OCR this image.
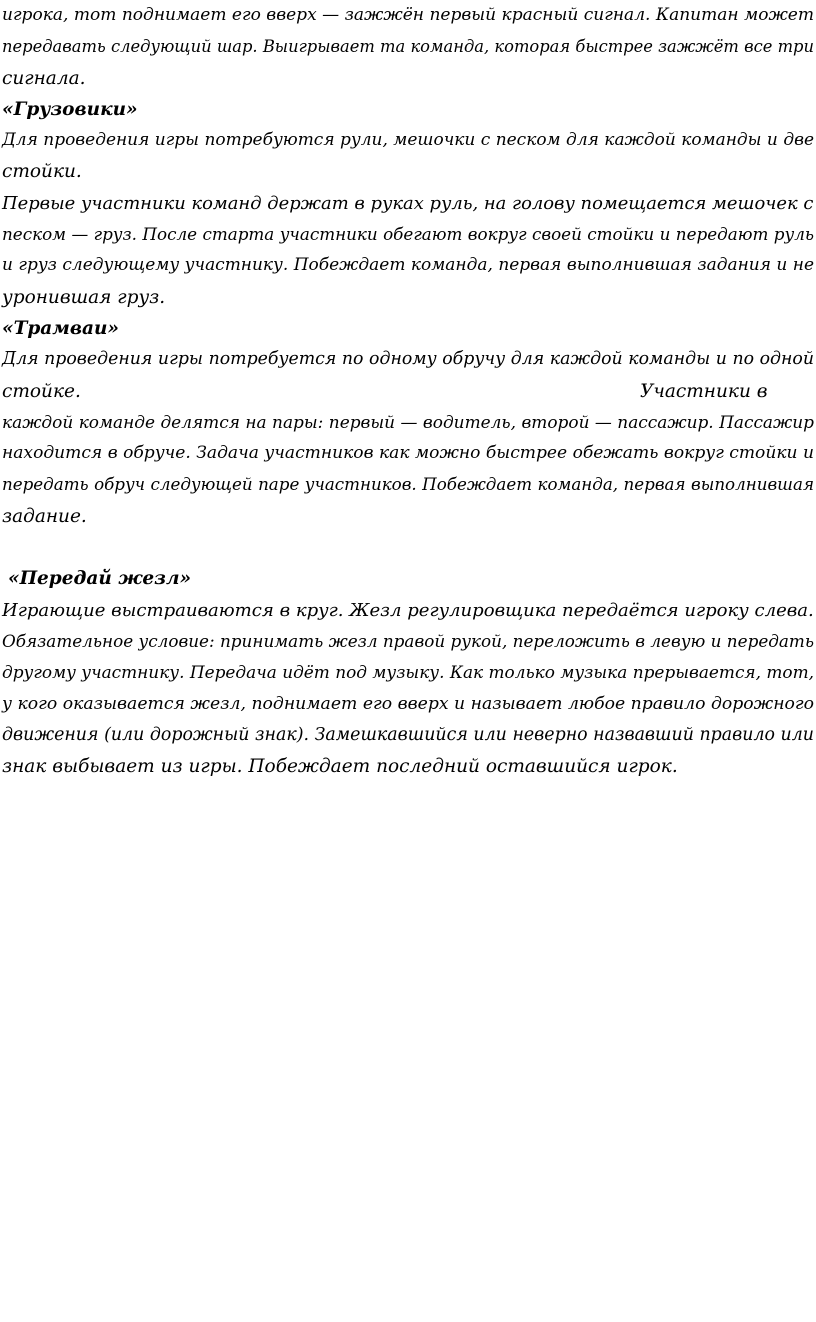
игрока, тот поднимает его вверх — зажжён первый красный сигнал. Капитан может
передавать следующий шар. Выигрывает та команда, которая быстрее зажжёт все три
сигнала.
«Грузовики»
Для проведения игры потребуются рули, мешочки с песком для каждой команды и две
стойки.
Первые участники команд держат в руках руль, на голову помещается мешочек с
песком — груз. После старта участники обегают вокруг своей стойки и передают руль
и груз следующему участнику. Побеждает команда, первая выполнившая задания и не
уронившая груз.
«Трамваи»
Для проведения игры потребуется по одному обручу для каждой команды и по одной
стойке.	Участники в
каждой команде делятся на пары: первый — водитель, второй — пассажир. Пассажир
находится в обруче. Задача участников как можно быстрее обежать вокруг стойки и
передать обруч следующей паре участников. Побеждает команда, первая выполнившая
задание.
«Передай жезл»
Играющие выстраиваются в круг. Жезл регулировщика передаётся игроку слева.
Обязательное условие: принимать жезл правой рукой, переложить в левую и передать
другому участнику. Передача идёт под музыку. Как только музыка прерывается, тот,
у кого оказывается жезл, поднимает его вверх и называет любое правило дорожного
движения (или дорожный знак). Замешкавшийся или неверно назвавший правило или
знак выбывает из игры. Побеждает последний оставшийся игрок.
